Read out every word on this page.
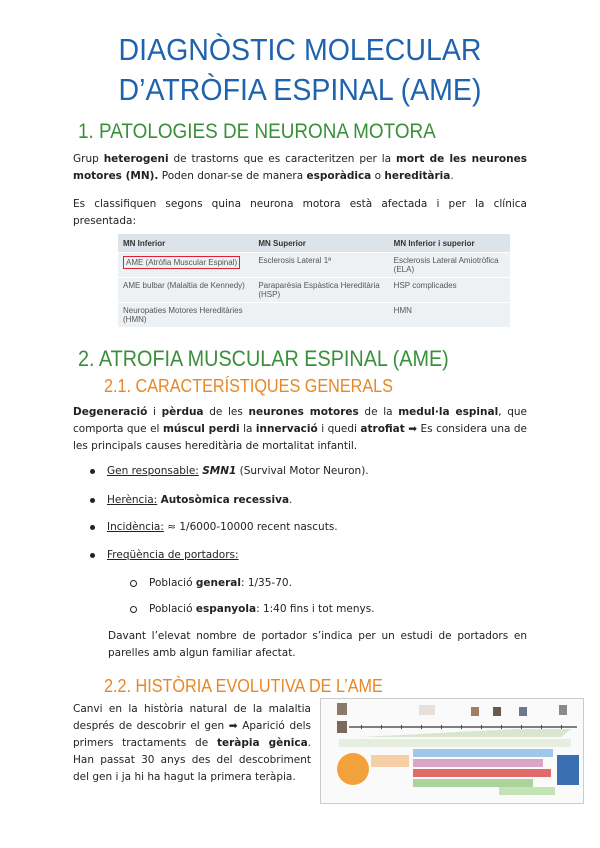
DIAGNÒSTIC MOLECULAR
D’ATRÒFIA ESPINAL (AME)
1. PATOLOGIES DE NEURONA MOTORA
Grup heterogeni de trastorns que es caracteritzen per la mort de les neurones motores (MN). Poden donar-se de manera esporàdica o hereditària.
Es classifiquen segons quina neurona motora està afectada i per la clínica presentada:
MN Inferior	MN Superior	MN Inferior i superior
AME (Atròfia Muscular Espinal)	Esclerosis Lateral 1ª	Esclerosis Lateral Amiotròfica (ELA)
AME bulbar (Malaltia de Kennedy)	Paraparèsia Espàstica Hereditària (HSP)	HSP complicades
Neuropaties Motores Hereditàries (HMN)		HMN
2. ATROFIA MUSCULAR ESPINAL (AME)
2.1. CARACTERÍSTIQUES GENERALS
Degeneració i pèrdua de les neurones motores de la medul·la espinal, que comporta que el múscul perdi la innervació i quedi atrofiat ➡ Es considera una de les principals causes hereditària de mortalitat infantil.
Gen responsable: SMN1 (Survival Motor Neuron).
Herència: Autosòmica recessiva.
Incidència: ≈ 1/6000-10000 recent nascuts.
Freqüència de portadors:
Població general: 1/35-70.
Població espanyola: 1:40 fins i tot menys.
Davant l’elevat nombre de portador s’indica per un estudi de portadors en parelles amb algun familiar afectat.
2.2. HISTÒRIA EVOLUTIVA DE L’AME
Canvi en la història natural de la malaltia després de descobrir el gen ➡ Aparició dels primers tractaments de teràpia gènica. Han passat 30 anys des del descobriment del gen i ja hi ha hagut la primera teràpia.
